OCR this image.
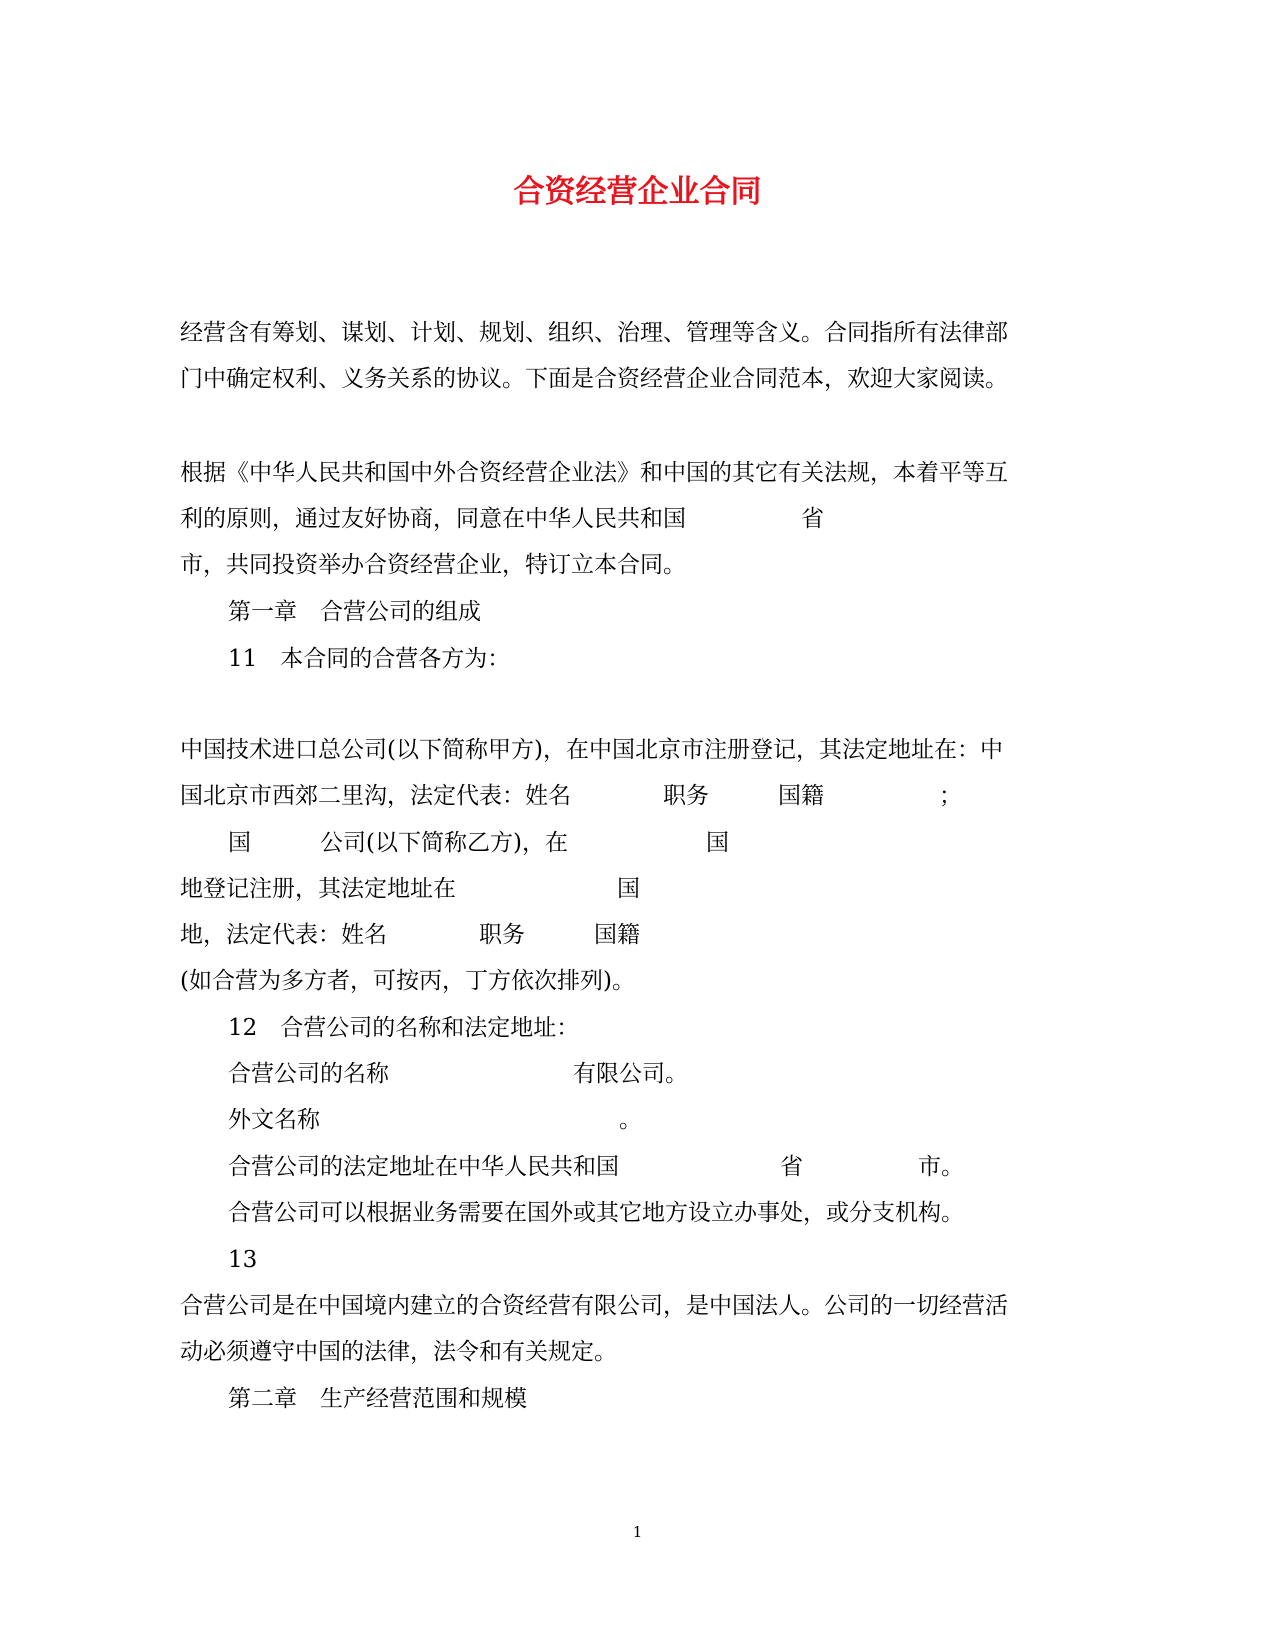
合资经营企业合同
经营含有筹划、谋划、计划、规划、组织、治理、管理等含义。合同指所有法律部
门中确定权利、义务关系的协议。下面是合资经营企业合同范本，欢迎大家阅读。
根据《中华人民共和国中外合资经营企业法》和中国的其它有关法规，本着平等互
利的原则，通过友好协商，同意在中华人民共和国　　　　　省
市，共同投资举办合资经营企业，特订立本合同。
第一章　合营公司的组成
11　本合同的合营各方为：
中国技术进口总公司(以下简称甲方)，在中国北京市注册登记，其法定地址在：中
国北京市西郊二里沟，法定代表：姓名　　　　职务　　　国籍　　　　　；
国　　　公司(以下简称乙方)，在　　　　　　国
地登记注册，其法定地址在　　　　　　　国
地，法定代表：姓名　　　　职务　　　国籍
(如合营为多方者，可按丙，丁方依次排列)。
12　合营公司的名称和法定地址：
合营公司的名称　　　　　　　　有限公司。
外文名称　　　　　　　　　　　　　。
合营公司的法定地址在中华人民共和国　　　　　　　省　　　　　市。
合营公司可以根据业务需要在国外或其它地方设立办事处，或分支机构。
13
合营公司是在中国境内建立的合资经营有限公司，是中国法人。公司的一切经营活
动必须遵守中国的法律，法令和有关规定。
第二章　生产经营范围和规模
1
